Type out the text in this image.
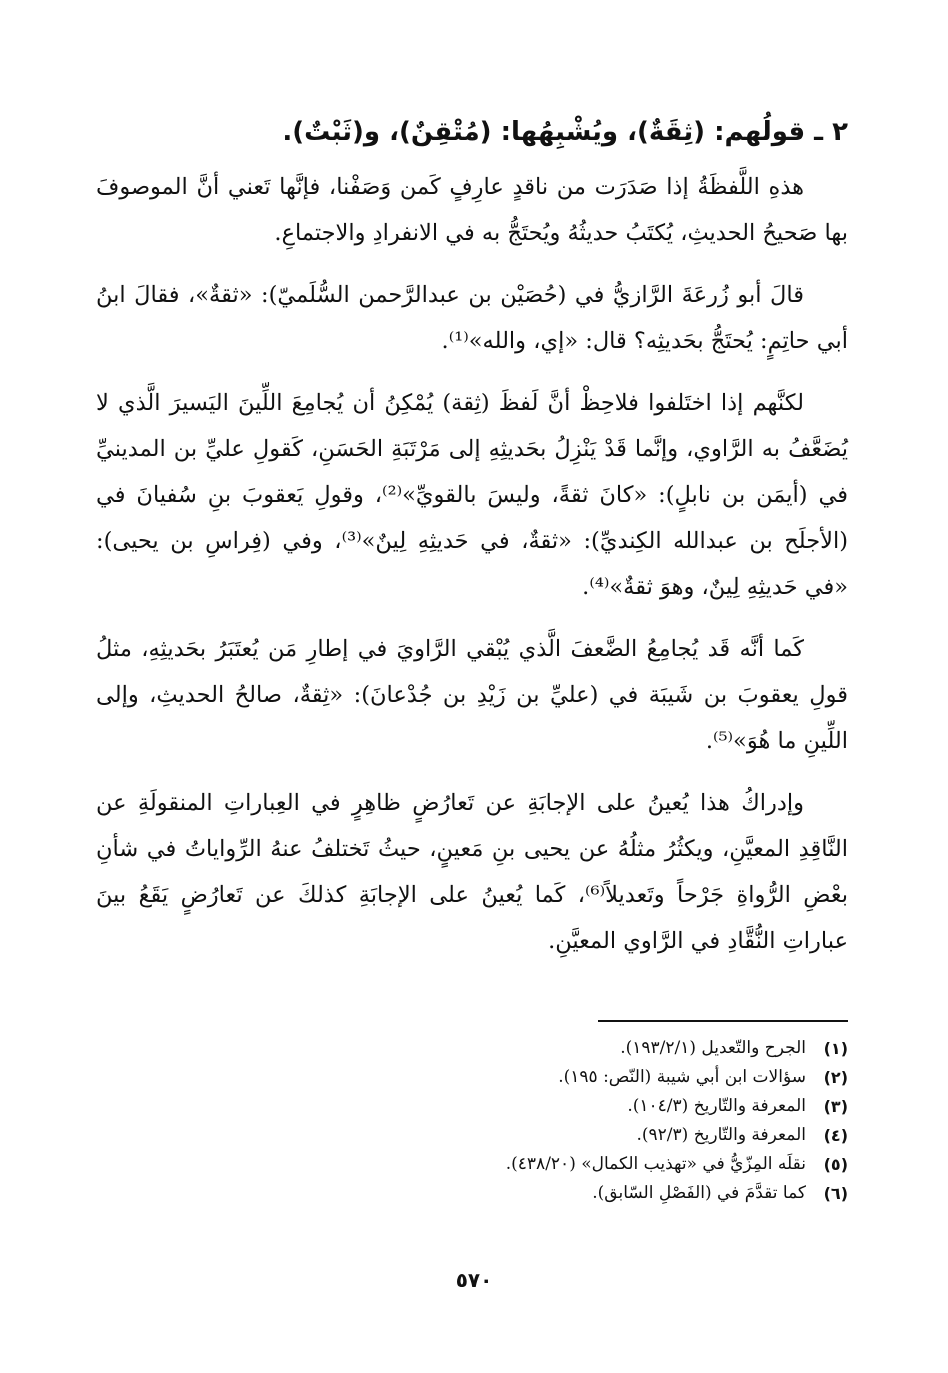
٢ ـ قولُهم: (ثِقَةٌ)، ويُشْبِهُها: (مُتْقِنٌ)، و(ثَبْتٌ).

هذهِ اللَّفظَةُ إذا صَدَرَت من ناقدٍ عارِفٍ كَمن وَصَفْنا، فإنَّها تَعني أنَّ الموصوفَ بها صَحيحُ الحديثِ، يُكتَبُ حديثُهُ ويُحتَجُّ به في الانفرادِ والاجتماعِ.

قالَ أبو زُرعَةَ الرَّازيُّ في (حُصَيْن بن عبدالرَّحمن السُّلَميّ): «ثقةٌ»، فقالَ ابنُ أبي حاتِمٍ: يُحتَجُّ بحَديثِه؟ قال: «إي، والله»⁽¹⁾.

لكنَّهم إذا اختَلفوا فلاحِظْ أنَّ لَفظَ (ثِقة) يُمْكِنُ أن يُجامِعَ اللِّينَ اليَسيرَ الَّذي لا يُضَعَّفُ به الرَّاوي، وإنَّما قَدْ يَنْزِلُ بحَديثِهِ إلى مَرْتَبَةِ الحَسَنِ، كَقولِ عليِّ بن المدينيِّ في (أيمَن بن نابلٍ): «كانَ ثقةً، وليسَ بالقويِّ»⁽²⁾، وقولِ يَعقوبَ بنِ سُفيانَ في (الأجلَح بن عبدالله الكِنديِّ): «ثقةٌ، في حَديثِهِ لِينٌ»⁽³⁾، وفي (فِراسِ بن يحيى): «في حَديثِهِ لِينٌ، وهوَ ثقةٌ»⁽⁴⁾.

كَما أنَّه قَد يُجامِعُ الضَّعفَ الَّذي يُبْقي الرَّاويَ في إطارِ مَن يُعتَبَرُ بحَديثِهِ، مثلُ قولِ يعقوبَ بن شَيبَة في (عليِّ بن زَيْدِ بن جُدْعانَ): «ثِقةٌ، صالحُ الحديثِ، وإلى اللِّينِ ما هُوَ»⁽⁵⁾.

وإدراكُ هذا يُعينُ على الإجابَةِ عن تَعارُضٍ ظاهِرٍ في العِباراتِ المنقولَةِ عن النَّاقِدِ المعيَّنِ، ويكثُرُ مثلُهُ عن يحيى بنِ مَعينٍ، حيثُ تَختلفُ عنهُ الرِّواياتُ في شأنِ بعْضِ الرُّواةِ جَرْحاً وتَعديلاً⁽⁶⁾، كَما يُعينُ على الإجابَةِ كذلكَ عن تَعارُضٍ يَقَعُ بينَ عباراتِ النُّقَّادِ في الرَّاوي المعيَّنِ.

(١)
الجرح والتّعديل (١٩٣/٢/١).
(٢)
سؤالات ابن أبي شيبة (النّص: ١٩٥).
(٣)
المعرفة والتّاريخ (١٠٤/٣).
(٤)
المعرفة والتّاريخ (٩٢/٣).
(٥)
نقلَه المِزّيُّ في «تهذيب الكمال» (٤٣٨/٢٠).
(٦)
كما تقدَّمَ في (الفَصْلِ السّابق).
٥٧٠
